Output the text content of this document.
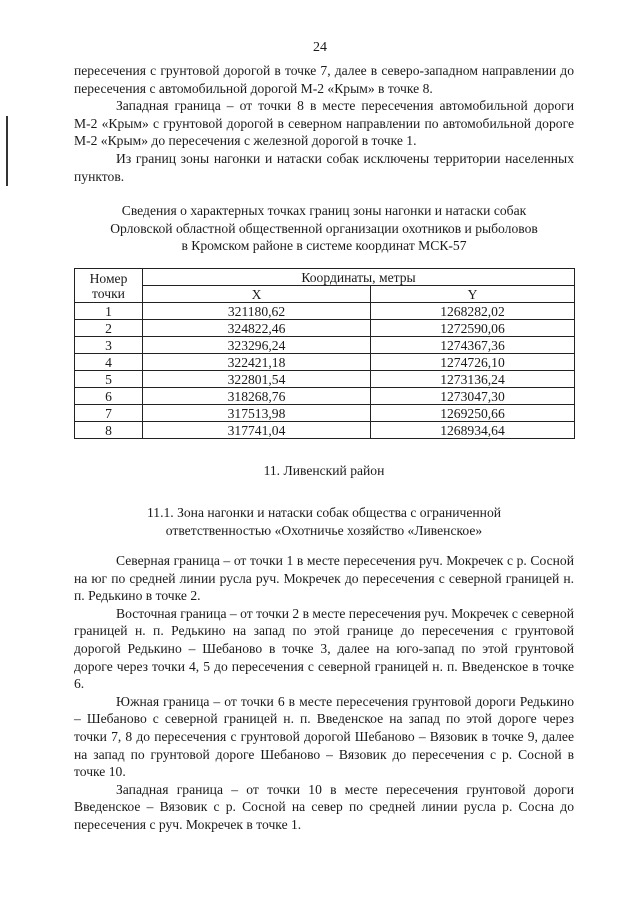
24

пересечения с грунтовой дорогой в точке 7, далее в северо-западном направлении до пересечения с автомобильной дорогой М-2 «Крым» в точке 8.

Западная граница – от точки 8 в месте пересечения автомобильной дороги М-2 «Крым» с грунтовой дорогой в северном направлении по автомобильной дороге М-2 «Крым» до пересечения с железной дорогой в точке 1.

Из границ зоны нагонки и натаски собак исключены территории населенных пунктов.

Сведения о характерных точках границ зоны нагонки и натаски собак
Орловской областной общественной организации охотников и рыболовов
в Кромском районе в системе координат МСК-57
Номер
точки	Координаты, метры	
	X	Y
1	321180,62	1268282,02
2	324822,46	1272590,06
3	323296,24	1274367,36
4	322421,18	1274726,10
5	322801,54	1273136,24
6	318268,76	1273047,30
7	317513,98	1269250,66
8	317741,04	1268934,64
11. Ливенский район
11.1. Зона нагонки и натаски собак общества с ограниченной
ответственностью «Охотничье хозяйство «Ливенское»

Северная граница – от точки 1 в месте пересечения руч. Мокречек с р. Сосной на юг по средней линии русла руч. Мокречек до пересечения с северной границей н. п. Редькино в точке 2.

Восточная граница – от точки 2 в месте пересечения руч. Мокречек с северной границей н. п. Редькино на запад по этой границе до пересечения с грунтовой дорогой Редькино – Шебаново в точке 3, далее на юго-запад по этой грунтовой дороге через точки 4, 5 до пересечения с северной границей н. п. Введенское в точке 6.

Южная граница – от точки 6 в месте пересечения грунтовой дороги Редькино – Шебаново с северной границей н. п. Введенское на запад по этой дороге через точки 7, 8 до пересечения с грунтовой дорогой Шебаново – Вязовик в точке 9, далее на запад по грунтовой дороге Шебаново – Вязовик до пересечения с р. Сосной в точке 10.

Западная граница – от точки 10 в месте пересечения грунтовой дороги Введенское – Вязовик с р. Сосной на север по средней линии русла р. Сосна до пересечения с руч. Мокречек в точке 1.
